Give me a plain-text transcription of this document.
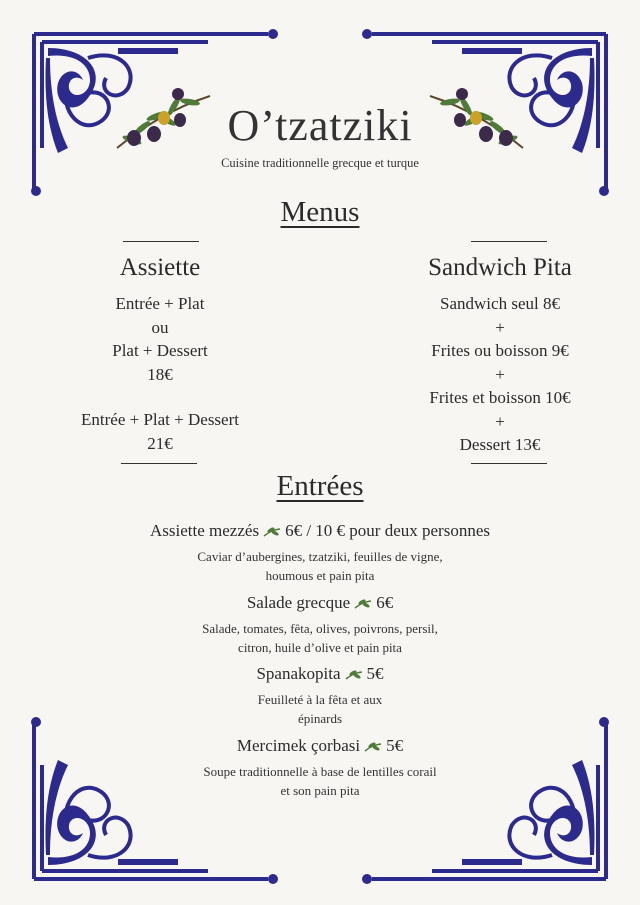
O’tzatziki
Cuisine traditionnelle grecque et turque
Menus
Assiette
Entrée + Plat
ou
Plat + Dessert
18€
Entrée + Plat + Dessert
21€
Sandwich Pita
Sandwich seul 8€
+
Frites ou boisson 9€
+
Frites et boisson 10€
+
Dessert 13€
Entrées
Assiette mezzés 6€ / 10 € pour deux personnes
Caviar d’aubergines, tzatziki, feuilles de vigne,
houmous et pain pita
Salade grecque 6€
Salade, tomates, fêta, olives, poivrons, persil,
citron, huile d’olive et pain pita
Spanakopita 5€
Feuilleté à la fêta et aux
épinards
Mercimek çorbasi 5€
Soupe traditionnelle à base de lentilles corail
et son pain pita
